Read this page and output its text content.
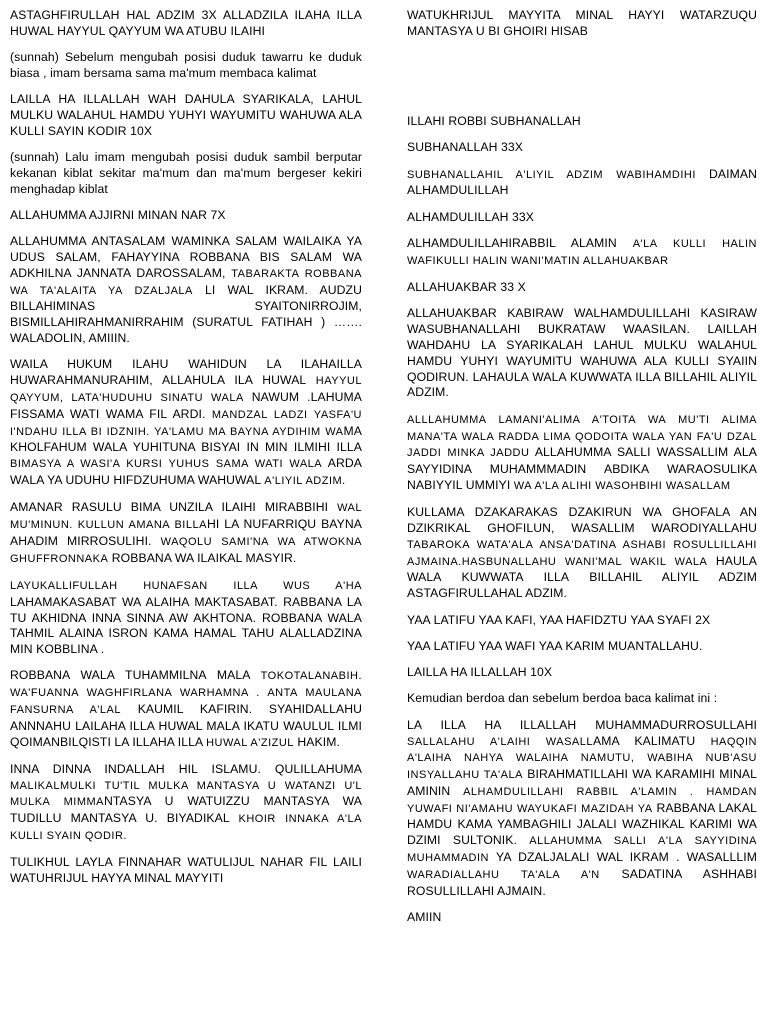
ASTAGHFIRULLAH HAL ADZIM 3X ALLADZILA ILAHA ILLA HUWAL HAYYUL QAYYUM WA ATUBU ILAIHI

(sunnah) Sebelum mengubah posisi duduk tawarru ke duduk biasa , imam bersama sama ma'mum membaca kalimat

LAILLA HA ILLALLAH WAH DAHULA SYARIKALA, LAHUL MULKU WALAHUL HAMDU YUHYI WAYUMITU WAHUWA ALA KULLI SAYIN KODIR 10X

(sunnah) Lalu imam mengubah posisi duduk sambil berputar kekanan kiblat sekitar ma'mum dan ma'mum bergeser kekiri menghadap kiblat

ALLAHUMMA AJJIRNI MINAN NAR 7X

ALLAHUMMA ANTASALAM WAMINKA SALAM WAILAIKA YA UDUS SALAM, FAHAYYINA ROBBANA BIS SALAM WA ADKHILNA JANNATA DAROSSALAM, TABARAKTA ROBBANA WA TA'ALAITA YA DZALJALA LI WAL IKRAM. AUDZU BILLAHIMINAS SYAITONIRROJIM, BISMILLAHIRAHMANIRRAHIM (SURATUL FATIHAH ) ……. WALADOLIN, AMIIIN.

WAILA HUKUM ILAHU WAHIDUN LA ILAHAILLA HUWARAHMANURAHIM, ALLAHULA ILA HUWAL HAYYUL QAYYUM, LATA'HUDUHU SINATU WALA NAWUM .LAHUMA FISSAMA WATI WAMA FIL ARDI. MANDZAL LADZI YASFA'U I'NDAHU ILLA BI IDZNIH. YA'LAMU MA BAYNA AYDIHIM WAMA KHOLFAHUM WALA YUHITUNA BISYAI IN MIN ILMIHI ILLA BIMASYA A WASI'A KURSI YUHUS SAMA WATI WALA ARDA WALA YA UDUHU HIFDZUHUMA WAHUWAL A'LIYIL ADZIM.

AMANAR RASULU BIMA UNZILA ILAIHI MIRABBIHI WAL MU'MINUN. KULLUN AMANA BILLAHI LA NUFARRIQU BAYNA AHADIM MIRROSULIHI. WAQOLU SAMI'NA WA ATWOKNA GHUFFRONNAKA ROBBANA WA ILAIKAL MASYIR.

LAYUKALLIFULLAH HUNAFSAN ILLA WUS A'HA LAHAMAKASABAT WA ALAIHA MAKTASABAT. RABBANA LA TU AKHIDNA INNA SINNA AW AKHTONA. ROBBANA WALA TAHMIL ALAINA ISRON KAMA HAMAL TAHU ALALLADZINA MIN KOBBLINA .

ROBBANA WALA TUHAMMILNA MALA TOKOTALANABIH. WA'FUANNA WAGHFIRLANA WARHAMNA . ANTA MAULANA FANSURNA A'LAL KAUMIL KAFIRIN. SYAHIDALLAHU ANNNAHU LAILAHA ILLA HUWAL MALA IKATU WAULUL ILMI QOIMANBILQISTI LA ILLAHA ILLA HUWAL A'ZIZUL HAKIM.

INNA DINNA INDALLAH HIL ISLAMU. QULILLAHUMA MALIKALMULKI TU'TIL MULKA MANTASYA U WATANZI U'L MULKA MIMMANTASYA U WATUIZZU MANTASYA WA TUDILLU MANTASYA U. BIYADIKAL KHOIR INNAKA A'LA KULLI SYAIN QODIR.

TULIKHUL LAYLA FINNAHAR WATULIJUL NAHAR FIL LAILI WATUHRIJUL HAYYA MINAL MAYYITI

WATUKHRIJUL MAYYITA MINAL HAYYI WATARZUQU MANTASYA U BI GHOIRI HISAB

ILLAHI ROBBI SUBHANALLAH

SUBHANALLAH 33X

SUBHANALLAHIL A'LIYIL ADZIM WABIHAMDIHI DAIMAN ALHAMDULILLAH

ALHAMDULILLAH 33X

ALHAMDULILLAHIRABBIL ALAMIN A'LA KULLI HALIN WAFIKULLI HALIN WANI'MATIN ALLAHUAKBAR

ALLAHUAKBAR 33 X

ALLAHUAKBAR KABIRAW WALHAMDULILLAHI KASIRAW WASUBHANALLAHI BUKRATAW WAASILAN. LAILLAH WAHDAHU LA SYARIKALAH LAHUL MULKU WALAHUL HAMDU YUHYI WAYUMITU WAHUWA ALA KULLI SYAIIN QODIRUN. LAHAULA WALA KUWWATA ILLA BILLAHIL ALIYIL ADZIM.

ALLLAHUMMA LAMANI'ALIMA A'TOITA WA MU'TI ALIMA MANA'TA WALA RADDA LIMA QODOITA WALA YAN FA'U DZAL JADDI MINKA JADDU ALLAHUMMA SALLI WASSALLIM ALA SAYYIDINA MUHAMMMADIN ABDIKA WARAOSULIKA NABIYYIL UMMIYI WA A'LA ALIHI WASOHBIHI WASALLAM

KULLAMA DZAKARAKAS DZAKIRUN WA GHOFALA AN DZIKRIKAL GHOFILUN, WASALLIM WARODIYALLAHU TABAROKA WATA'ALA ANSA'DATINA ASHABI ROSULLILLAHI AJMAINA.HASBUNALLAHU WANI'MAL WAKIL WALA HAULA WALA KUWWATA ILLA BILLAHIL ALIYIL ADZIM ASTAGFIRULLAHAL ADZIM.

YAA LATIFU YAA KAFI, YAA HAFIDZTU YAA SYAFI 2X

YAA LATIFU YAA WAFI YAA KARIM MUANTALLAHU.

LAILLA HA ILLALLAH 10X

Kemudian berdoa dan sebelum berdoa baca kalimat ini :

LA ILLA HA ILLALLAH MUHAMMADURROSULLAHI SALLALAHU A'LAIHI WASALLAMA KALIMATU HAQQIN A'LAIHA NAHYA WALAIHA NAMUTU, WABIHA NUB'ASU INSYALLAHU TA'ALA BIRAHMATILLAHI WA KARAMIHI MINAL AMININ ALHAMDULILLAHI RABBIL A'LAMIN . HAMDAN YUWAFI NI'AMAHU WAYUKAFI MAZIDAH YA RABBANA LAKAL HAMDU KAMA YAMBAGHILI JALALI WAZHIKAL KARIMI WA DZIMI SULTONIK. ALLAHUMMA SALLI A'LA SAYYIDINA MUHAMMADIN YA DZALJALALI WAL IKRAM . WASALLLIM WARADIALLAHU TA'ALA A'N SADATINA ASHHABI ROSULLILLAHI AJMAIN.

AMIIN
